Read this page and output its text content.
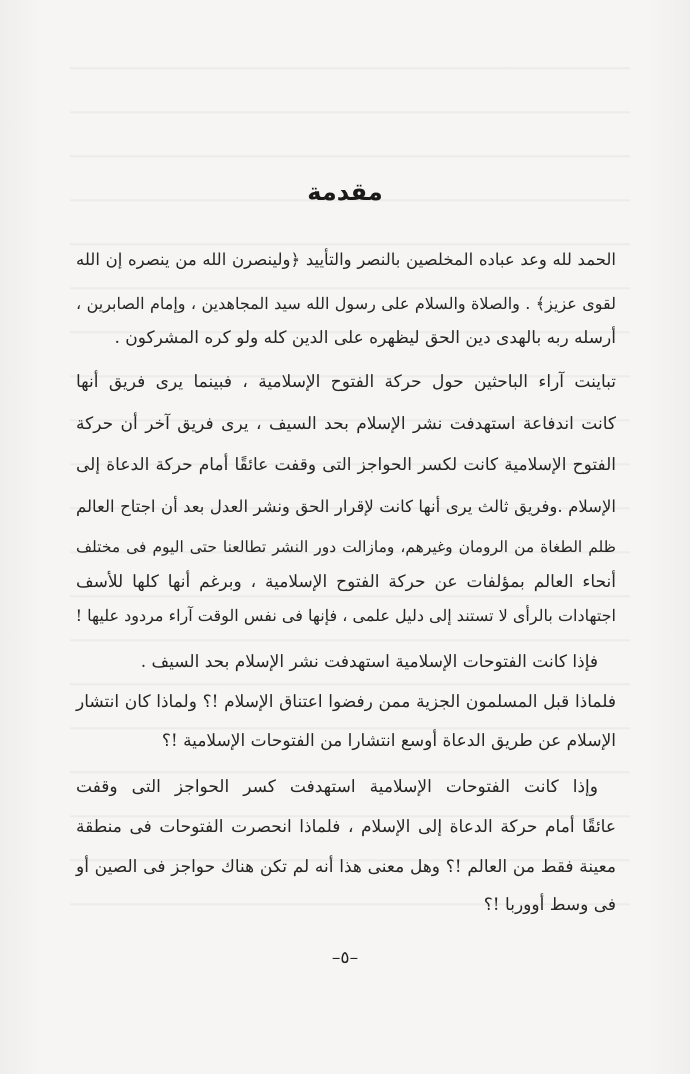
مقدمة
الحمد لله وعد عباده المخلصين بالنصر والتأييد ﴿ولينصرن الله من ينصره إن الله
لقوى عزيز﴾ . والصلاة والسلام على رسول الله سيد المجاهدين ، وإمام الصابرين ،
أرسله ربه بالهدى دين الحق ليظهره على الدين كله ولو كره المشركون .
تباينت آراء الباحثين حول حركة الفتوح الإسلامية ، فبينما يرى فريق أنها
كانت اندفاعة استهدفت نشر الإسلام بحد السيف ، يرى فريق آخر أن حركة
الفتوح الإسلامية كانت لكسر الحواجز التى وقفت عائقًا أمام حركة الدعاة إلى
الإسلام .وفريق ثالث يرى أنها كانت لإقرار الحق ونشر العدل بعد أن اجتاح العالم
ظلم الطغاة من الرومان وغيرهم، ومازالت دور النشر تطالعنا حتى اليوم فى مختلف
أنحاء العالم بمؤلفات عن حركة الفتوح الإسلامية ، وبرغم أنها كلها للأسف
اجتهادات بالرأى لا تستند إلى دليل علمى ، فإنها فى نفس الوقت آراء مردود عليها !
فإذا كانت الفتوحات الإسلامية استهدفت نشر الإسلام بحد السيف .
فلماذا قبل المسلمون الجزية ممن رفضوا اعتناق الإسلام !؟ ولماذا كان انتشار
الإسلام عن طريق الدعاة أوسع انتشارا من الفتوحات الإسلامية !؟
وإذا كانت الفتوحات الإسلامية استهدفت كسر الحواجز التى وقفت
عائقًا أمام حركة الدعاة إلى الإسلام ، فلماذا انحصرت الفتوحات فى منطقة
معينة فقط من العالم !؟ وهل معنى هذا أنه لم تكن هناك حواجز فى الصين أو
فى وسط أووربا !؟
–٥–
